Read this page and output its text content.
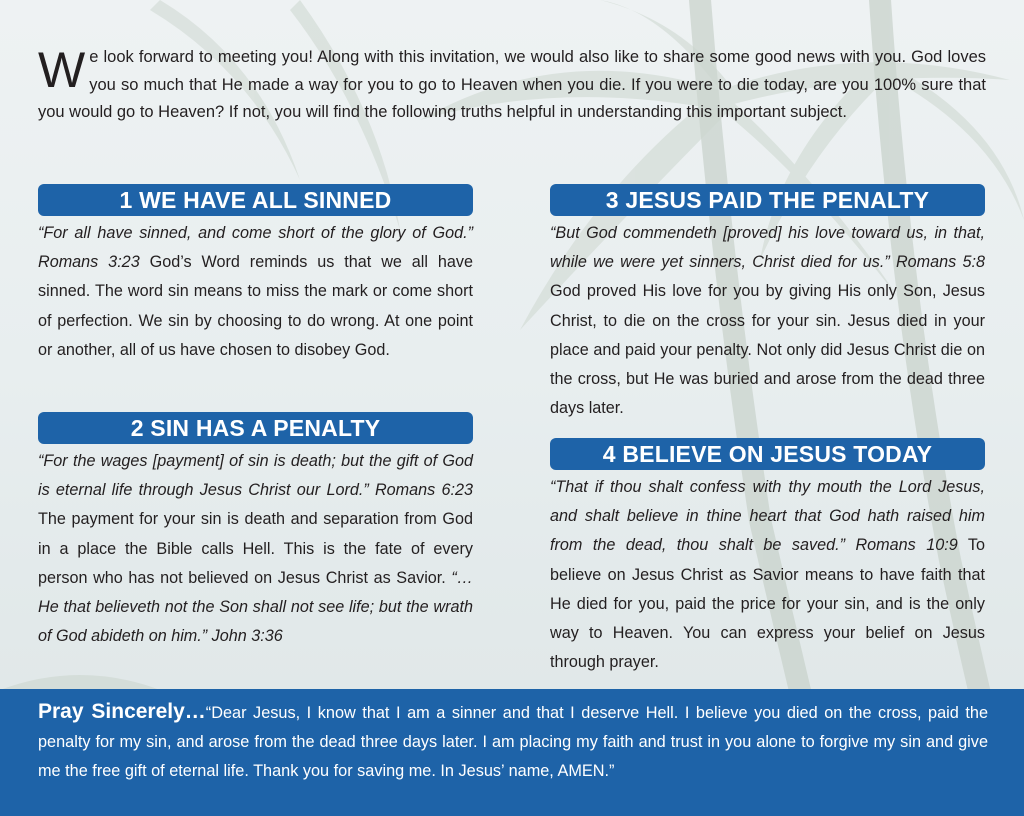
We look forward to meeting you! Along with this invitation, we would also like to share some good news with you. God loves you so much that He made a way for you to go to Heaven when you die. If you were to die today, are you 100% sure that you would go to Heaven? If not, you will find the following truths helpful in understanding this important subject.
1 WE HAVE ALL SINNED
“For all have sinned, and come short of the glory of God.” Romans 3:23 God’s Word reminds us that we all have sinned. The word sin means to miss the mark or come short of perfection. We sin by choosing to do wrong. At one point or another, all of us have chosen to disobey God.
2 SIN HAS A PENALTY
“For the wages [payment] of sin is death; but the gift of God is eternal life through Jesus Christ our Lord.” Romans 6:23 The payment for your sin is death and separation from God in a place the Bible calls Hell. This is the fate of every person who has not believed on Jesus Christ as Savior. “…He that believeth not the Son shall not see life; but the wrath of God abideth on him.” John 3:36
3 JESUS PAID THE PENALTY
“But God commendeth [proved] his love toward us, in that, while we were yet sinners, Christ died for us.” Romans 5:8 God proved His love for you by giving His only Son, Jesus Christ, to die on the cross for your sin. Jesus died in your place and paid your penalty. Not only did Jesus Christ die on the cross, but He was buried and arose from the dead three days later.
4 BELIEVE ON JESUS TODAY
“That if thou shalt confess with thy mouth the Lord Jesus, and shalt believe in thine heart that God hath raised him from the dead, thou shalt be saved.” Romans 10:9 To believe on Jesus Christ as Savior means to have faith that He died for you, paid the price for your sin, and is the only way to Heaven. You can express your belief on Jesus through prayer.

Pray Sincerely…“Dear Jesus, I know that I am a sinner and that I deserve Hell. I believe you died on the cross, paid the penalty for my sin, and arose from the dead three days later. I am placing my faith and trust in you alone to forgive my sin and give me the free gift of eternal life. Thank you for saving me. In Jesus’ name, AMEN.”
